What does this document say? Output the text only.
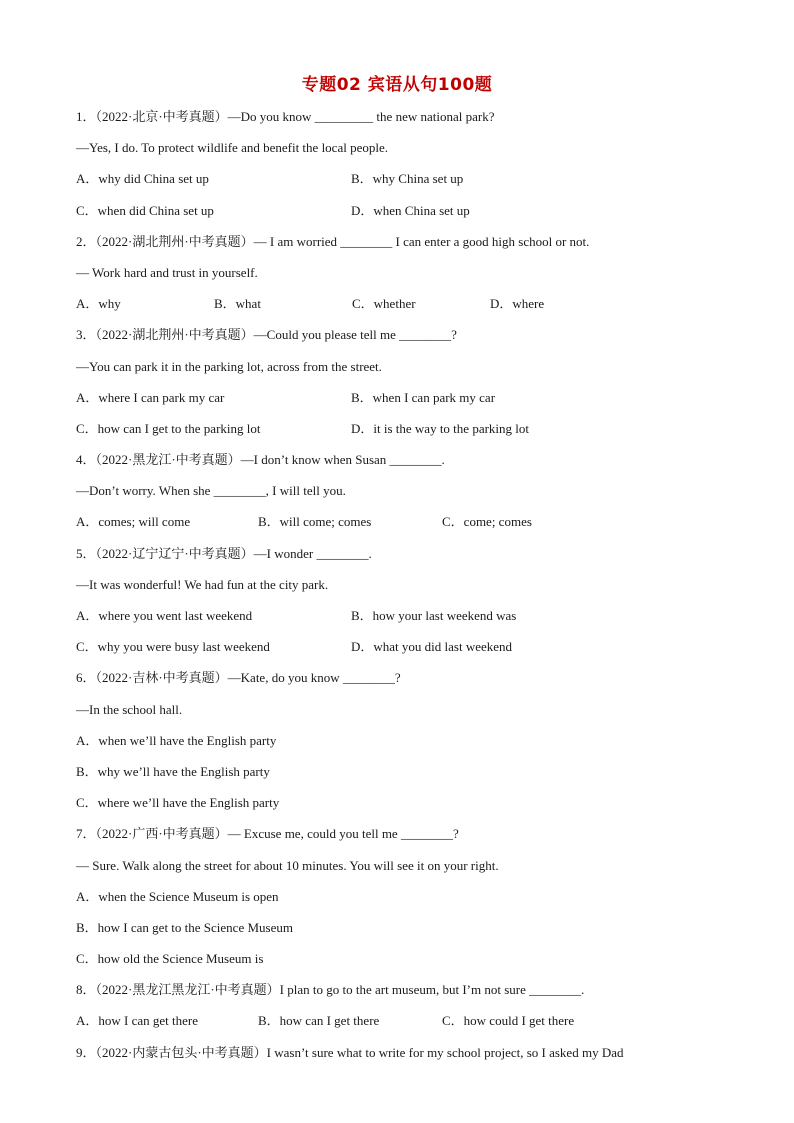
专题02 宾语从句100题
1．（2022·北京·中考真题）—Do you know _________ the new national park?
—Yes, I do. To protect wildlife and benefit the local people.
A．why did China set up	B．why China set up
C．when did China set up	D．when China set up
2．（2022·湖北荆州·中考真题）— I am worried ________ I can enter a good high school or not.
— Work hard and trust in yourself.
A．why	B．what	C．whether	D．where
3．（2022·湖北荆州·中考真题）—Could you please tell me ________?
—You can park it in the parking lot, across from the street.
A．where I can park my car	B．when I can park my car
C．how can I get to the parking lot	D．it is the way to the parking lot
4．（2022·黑龙江·中考真题）—I don’t know when Susan ________.
—Don’t worry. When she ________, I will tell you.
A．comes; will come	B．will come; comes	C．come; comes
5．（2022·辽宁辽宁·中考真题）—I wonder ________.
—It was wonderful! We had fun at the city park.
A．where you went last weekend	B．how your last weekend was
C．why you were busy last weekend	D．what you did last weekend
6．（2022·吉林·中考真题）—Kate, do you know ________?
—In the school hall.
A．when we’ll have the English party
B．why we’ll have the English party
C．where we’ll have the English party
7．（2022·广西·中考真题）— Excuse me, could you tell me ________?
— Sure. Walk along the street for about 10 minutes. You will see it on your right.
A．when the Science Museum is open
B．how I can get to the Science Museum
C．how old the Science Museum is
8．（2022·黑龙江黑龙江·中考真题）I plan to go to the art museum, but I’m not sure ________.
A．how I can get there	B．how can I get there	C．how could I get there
9．（2022·内蒙古包头·中考真题）I wasn’t sure what to write for my school project, so I asked my Dad
